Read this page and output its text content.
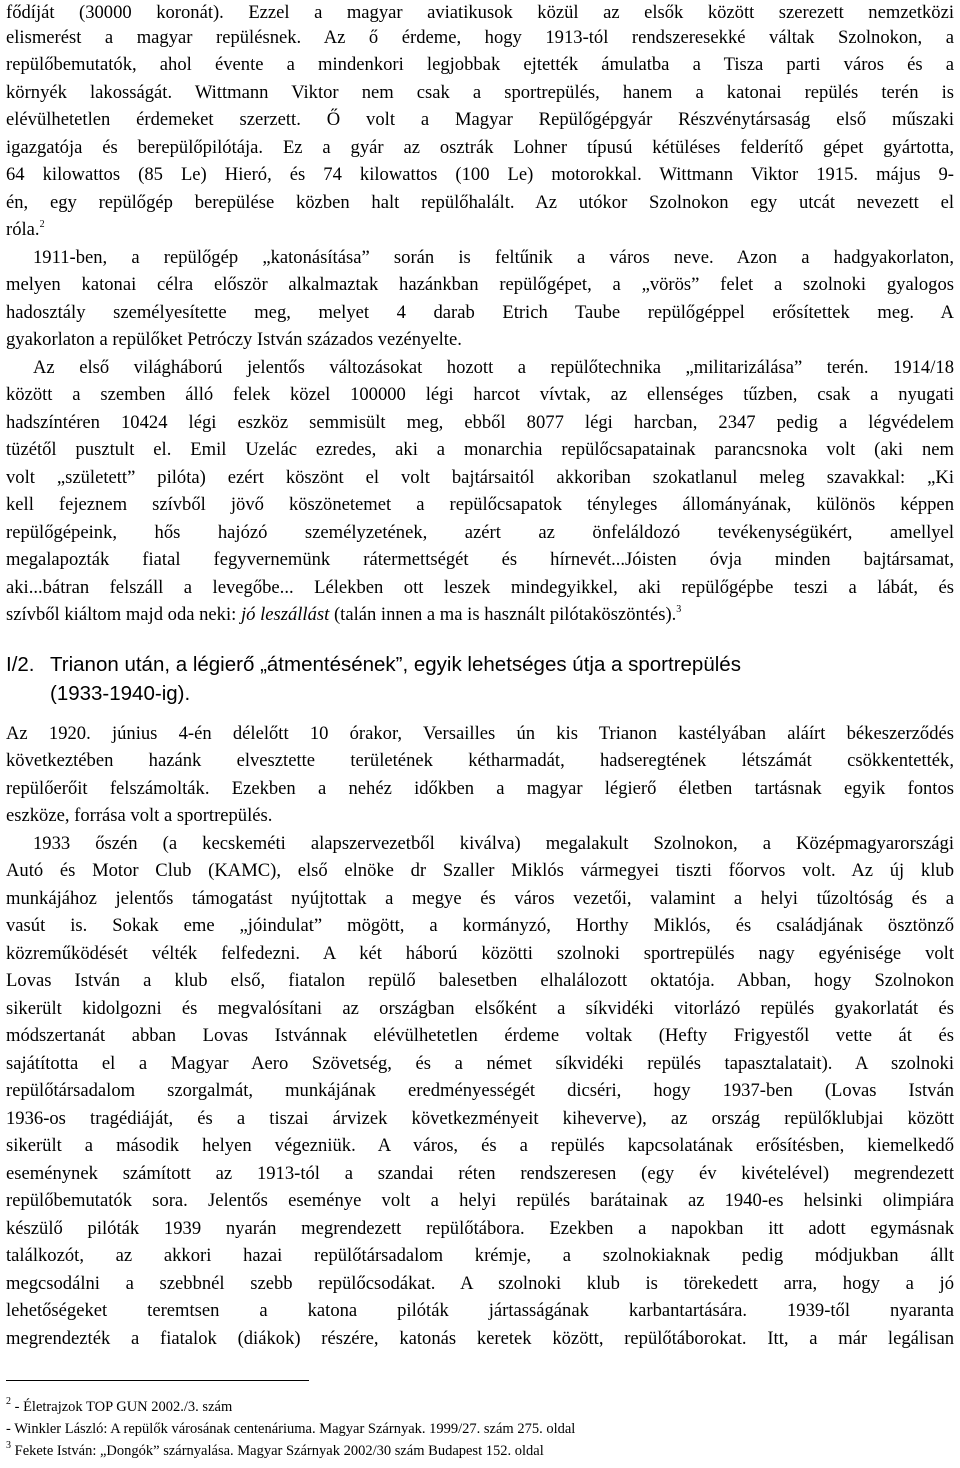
fődíját (30000 koronát). Ezzel a magyar aviatikusok közül az elsők között szerezett nemzetközi
elismerést a magyar repülésnek. Az ő érdeme, hogy 1913-tól rendszeresekké váltak Szolnokon, a
repülőbemutatók, ahol évente a mindenkori legjobbak ejtették ámulatba a Tisza parti város és a
környék lakosságát. Wittmann Viktor nem csak a sportrepülés, hanem a katonai repülés terén is
elévülhetetlen érdemeket szerzett. Ő volt a Magyar Repülőgépgyár Részvénytársaság első műszaki
igazgatója és berepülőpilótája. Ez a gyár az osztrák Lohner típusú kétüléses felderítő gépet gyártotta,
64 kilowattos (85 Le) Hieró, és 74 kilowattos (100 Le) motorokkal. Wittmann Viktor 1915. május 9-
én, egy repülőgép berepülése közben halt repülőhalált. Az utókor Szolnokon egy utcát nevezett el
róla.$^2$
1911-ben, a repülőgép „katonásítása” során is feltűnik a város neve. Azon a hadgyakorlaton,
melyen katonai célra először alkalmaztak hazánkban repülőgépet, a „vörös” felet a szolnoki gyalogos
hadosztály személyesítette meg, melyet 4 darab Etrich Taube repülőgéppel erősítettek meg. A
gyakorlaton a repülőket Petróczy István százados vezényelte.
Az első világháború jelentős változásokat hozott a repülőtechnika „militarizálása” terén. 1914/18
között a szemben álló felek közel 100000 légi harcot vívtak, az ellenséges tűzben, csak a nyugati
hadszíntéren 10424 légi eszköz semmisült meg, ebből 8077 légi harcban, 2347 pedig a légvédelem
tüzétől pusztult el. Emil Uzelác ezredes, aki a monarchia repülőcsapatainak parancsnoka volt (aki nem
volt „született” pilóta) ezért köszönt el volt bajtársaitól akkoriban szokatlanul meleg szavakkal: „Ki
kell fejeznem szívből jövő köszönetemet a repülőcsapatok tényleges állományának, különös képpen
repülőgépeink, hős hajózó személyzetének, azért az önfeláldozó tevékenységükért, amellyel
megalapozták fiatal fegyvernemünk rátermettségét és hírnevét...Jóisten óvja minden bajtársamat,
aki...bátran felszáll a levegőbe... Lélekben ott leszek mindegyikkel, aki repülőgépbe teszi a lábát, és
szívből kiáltom majd oda neki: jó leszállást (talán innen a ma is használt pilótaköszöntés).$^3$
I/2. Trianon után, a légierő „átmentésének”, egyik lehetséges útja a sportrepülés
(1933-1940-ig).
Az 1920. június 4-én délelőtt 10 órakor, Versailles ún kis Trianon kastélyában aláírt békeszerződés
következtében hazánk elvesztette területének kétharmadát, hadseregtének létszámát csökkentették,
repülőerőit felszámolták. Ezekben a nehéz időkben a magyar légierő életben tartásnak egyik fontos
eszköze, forrása volt a sportrepülés.
1933 őszén (a kecskeméti alapszervezetből kiválva) megalakult Szolnokon, a Középmagyarországi
Autó és Motor Club (KAMC), első elnöke dr Szaller Miklós vármegyei tiszti főorvos volt. Az új klub
munkájához jelentős támogatást nyújtottak a megye és város vezetői, valamint a helyi tűzoltóság és a
vasút is. Sokak eme „jóindulat” mögött, a kormányzó, Horthy Miklós, és családjának ösztönző
közreműködését vélték felfedezni. A két háború közötti szolnoki sportrepülés nagy egyénisége volt
Lovas István a klub első, fiatalon repülő balesetben elhalálozott oktatója. Abban, hogy Szolnokon
sikerült kidolgozni és megvalósítani az országban elsőként a síkvidéki vitorlázó repülés gyakorlatát és
módszertanát abban Lovas Istvánnak elévülhetetlen érdeme voltak (Hefty Frigyestől vette át és
sajátította el a Magyar Aero Szövetség, és a német síkvidéki repülés tapasztalatait). A szolnoki
repülőtársadalom szorgalmát, munkájának eredményességét dicséri, hogy 1937-ben (Lovas István
1936-os tragédiáját, és a tiszai árvizek következményeit kiheverve), az ország repülőklubjai között
sikerült a második helyen végezniük. A város, és a repülés kapcsolatának erősítésben, kiemelkedő
eseménynek számított az 1913-tól a szandai réten rendszeresen (egy év kivételével) megrendezett
repülőbemutatók sora. Jelentős eseménye volt a helyi repülés barátainak az 1940-es helsinki olimpiára
készülő pilóták 1939 nyarán megrendezett repülőtábora. Ezekben a napokban itt adott egymásnak
találkozót, az akkori hazai repülőtársadalom krémje, a szolnokiaknak pedig módjukban állt
megcsodálni a szebbnél szebb repülőcsodákat. A szolnoki klub is törekedett arra, hogy a jó
lehetőségeket teremtsen a katona pilóták jártasságának karbantartására. 1939-től nyaranta
megrendezték a fiatalok (diákok) részére, katonás keretek között, repülőtáborokat. Itt, a már legálisan
$^2$ - Életrajzok TOP GUN 2002./3. szám
- Winkler László: A repülők városának centenáriuma. Magyar Szárnyak. 1999/27. szám 275. oldal
$^3$ Fekete István: „Dongók” szárnyalása. Magyar Szárnyak 2002/30 szám Budapest 152. oldal
